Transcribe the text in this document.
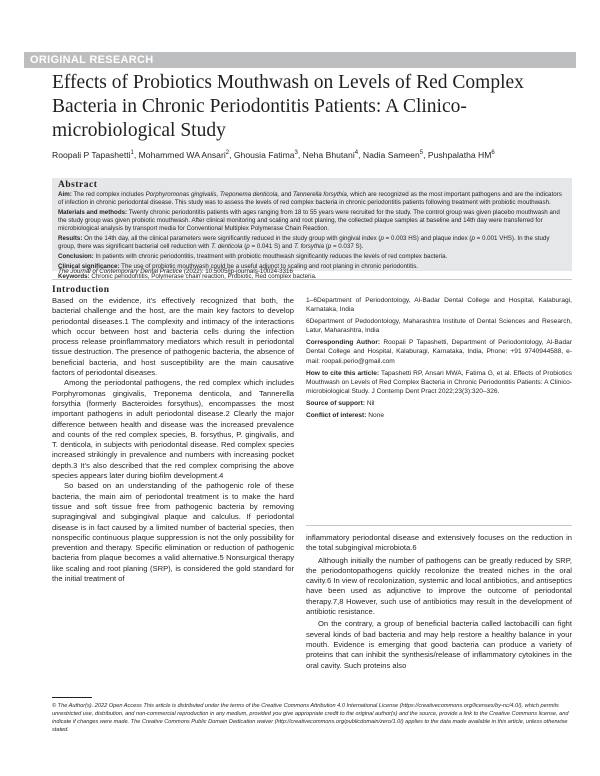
ORIGINAL RESEARCH
Effects of Probiotics Mouthwash on Levels of Red Complex Bacteria in Chronic Periodontitis Patients: A Clinico-microbiological Study
Roopali P Tapashetti$^1$, Mohammed WA Ansari$^2$, Ghousia Fatima$^3$, Neha Bhutani$^4$, Nadia Sameen$^5$, Pushpalatha $HM^6$
Abstract

Aim: The red complex includes Porphyromonas gingivalis, Treponema denticola, and Tannerella forsythia, which are recognized as the most important pathogens and are the indicators of infection in chronic periodontal disease. This study was to assess the levels of red complex bacteria in chronic periodontitis patients following treatment with probiotic mouthwash.

Materials and methods: Twenty chronic periodontitis patients with ages ranging from 18 to 55 years were recruited for the study. The control group was given placebo mouthwash and the study group was given probiotic mouthwash. After clinical monitoring and scaling and root planing, the collected plaque samples at baseline and 14th day were transferred for microbiological analysis by transport media for Conventional Multiplex Polymerase Chain Reaction.

Results: On the 14th day, all the clinical parameters were significantly reduced in the study group with gingival index (p = 0.003 HS) and plaque index (p = 0.001 VHS). In the study group, there was significant bacterial cell reduction with T. denticola (p = 0.041 S) and T. forsythia (p = 0.037 S).

Conclusion: In patients with chronic periodontitis, treatment with probiotic mouthwash significantly reduces the levels of red complex bacteria.

Clinical significance: The use of probiotic mouthwash could be a useful adjunct to scaling and root planing in chronic periodontitis.

Keywords: Chronic periodontitis, Polymerase chain reaction, Probiotic, Red complex bacteria.

The Journal of Contemporary Dental Practice (2022): 10.5005/jp-journals-10024-3316
Introduction

Based on the evidence, it’s effectively recognized that both, the bacterial challenge and the host, are the main key factors to develop periodontal diseases.1 The complexity and intimacy of the interactions which occur between host and bacteria cells during the infection process release proinflammatory mediators which result in periodontal tissue destruction. The presence of pathogenic bacteria, the absence of beneficial bacteria, and host susceptibility are the main causative factors of periodontal diseases.

Among the periodontal pathogens, the red complex which includes Porphyromonas gingivalis, Treponema denticola, and Tannerella forsythia (formerly Bacteroides forsythus), encompasses the most important pathogens in adult periodontal disease.2 Clearly the major difference between health and disease was the increased prevalence and counts of the red complex species, B. forsythus, P. gingivalis, and T. denticola, in subjects with periodontal disease. Red complex species increased strikingly in prevalence and numbers with increasing pocket depth.3 It’s also described that the red complex comprising the above species appears later during biofilm development.4

So based on an understanding of the pathogenic role of these bacteria, the main aim of periodontal treatment is to make the hard tissue and soft tissue free from pathogenic bacteria by removing supragingival and subgingival plaque and calculus. If periodontal disease is in fact caused by a limited number of bacterial species, then nonspecific continuous plaque suppression is not the only possibility for prevention and therapy. Specific elimination or reduction of pathogenic bacteria from plaque becomes a valid alternative.5 Nonsurgical therapy like scaling and root planing (SRP), is considered the gold standard for the initial treatment of

1–6Department of Periodontology, Al-Badar Dental College and Hospital, Kalaburagi, Karnataka, India

6Department of Pedodontology, Maharashtra Institute of Dental Sciences and Research, Latur, Maharashtra, India

Corresponding Author: Roopali P Tapashetti, Department of Periodontology, Al-Badar Dental College and Hospital, Kalaburagi, Karnataka, India, Phone: +91 9740944588, e-mail: roopali.perio@gmail.com

How to cite this article: Tapashetti RP, Ansari MWA, Fatima G, et al. Effects of Probiotics Mouthwash on Levels of Red Complex Bacteria in Chronic Periodontitis Patients: A Clinico-microbiological Study. J Contemp Dent Pract 2022;23(3):320–326.

Source of support: Nil

Conflict of interest: None

inflammatory periodontal disease and extensively focuses on the reduction in the total subgingival microbiota.6

Although initially the number of pathogens can be greatly reduced by SRP, the periodontopathogens quickly recolonize the treated niches in the oral cavity.6 In view of recolonization, systemic and local antibiotics, and antiseptics have been used as adjunctive to improve the outcome of periodontal therapy.7,8 However, such use of antibiotics may result in the development of antibiotic resistance.

On the contrary, a group of beneficial bacteria called lactobacilli can fight several kinds of bad bacteria and may help restore a healthy balance in your mouth. Evidence is emerging that good bacteria can produce a variety of proteins that can inhibit the synthesis/release of inflammatory cytokines in the oral cavity. Such proteins also

© The Author(s). 2022 Open Access This article is distributed under the terms of the Creative Commons Attribution 4.0 International License (https://creativecommons.org/licenses/by-nc/4.0/), which permits unrestricted use, distribution, and non-commercial reproduction in any medium, provided you give appropriate credit to the original author(s) and the source, provide a link to the Creative Commons license, and indicate if changes were made. The Creative Commons Public Domain Dedication waiver (http://creativecommons.org/publicdomain/zero/1.0/) applies to the data made available in this article, unless otherwise stated.
